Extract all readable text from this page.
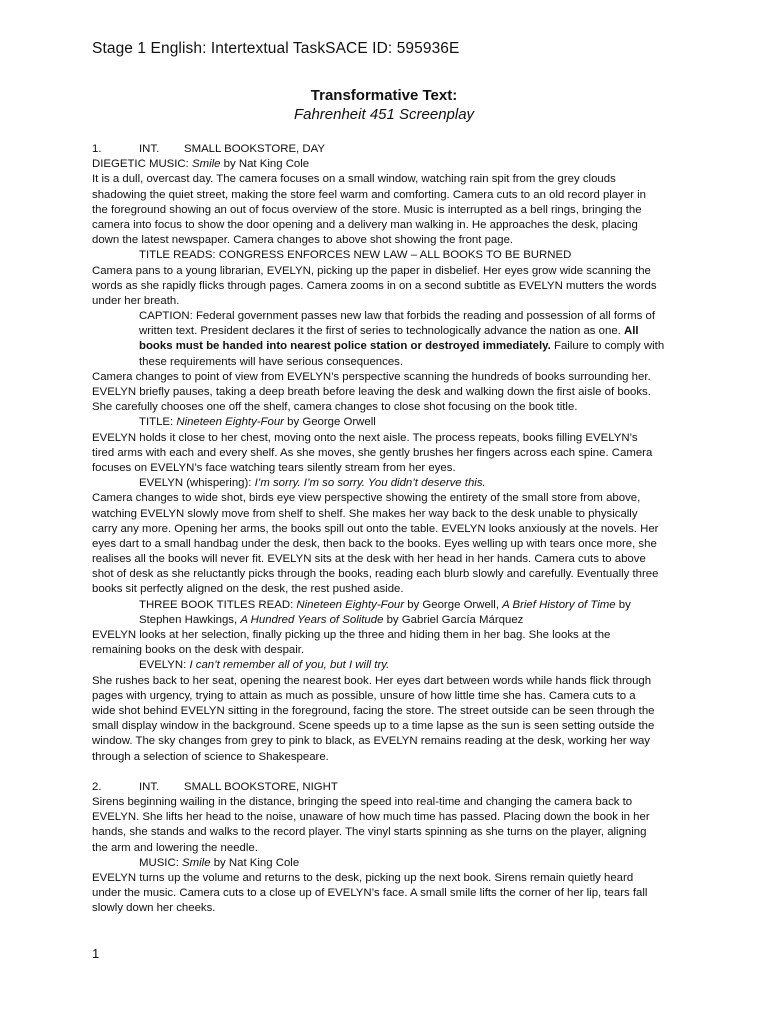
Stage 1 English: Intertextual TaskSACE ID: 595936E
Transformative Text:
Fahrenheit 451 Screenplay
1.	INT. SMALL BOOKSTORE, DAY
DIEGETIC MUSIC: Smile by Nat King Cole
It is a dull, overcast day. The camera focuses on a small window, watching rain spit from the grey clouds
shadowing the quiet street, making the store feel warm and comforting. Camera cuts to an old record player in
the foreground showing an out of focus overview of the store. Music is interrupted as a bell rings, bringing the
camera into focus to show the door opening and a delivery man walking in. He approaches the desk, placing
down the latest newspaper. Camera changes to above shot showing the front page.
TITLE READS: CONGRESS ENFORCES NEW LAW – ALL BOOKS TO BE BURNED
Camera pans to a young librarian, EVELYN, picking up the paper in disbelief. Her eyes grow wide scanning the
words as she rapidly flicks through pages. Camera zooms in on a second subtitle as EVELYN mutters the words
under her breath.
CAPTION: Federal government passes new law that forbids the reading and possession of all forms of
written text. President declares it the first of series to technologically advance the nation as one. All
books must be handed into nearest police station or destroyed immediately. Failure to comply with
these requirements will have serious consequences.
Camera changes to point of view from EVELYN’s perspective scanning the hundreds of books surrounding her.
EVELYN briefly pauses, taking a deep breath before leaving the desk and walking down the first aisle of books.
She carefully chooses one off the shelf, camera changes to close shot focusing on the book title.
TITLE: Nineteen Eighty-Four by George Orwell
EVELYN holds it close to her chest, moving onto the next aisle. The process repeats, books filling EVELYN’s
tired arms with each and every shelf. As she moves, she gently brushes her fingers across each spine. Camera
focuses on EVELYN’s face watching tears silently stream from her eyes.
EVELYN (whispering): I’m sorry. I’m so sorry. You didn’t deserve this.
Camera changes to wide shot, birds eye view perspective showing the entirety of the small store from above,
watching EVELYN slowly move from shelf to shelf. She makes her way back to the desk unable to physically
carry any more. Opening her arms, the books spill out onto the table. EVELYN looks anxiously at the novels. Her
eyes dart to a small handbag under the desk, then back to the books. Eyes welling up with tears once more, she
realises all the books will never fit. EVELYN sits at the desk with her head in her hands. Camera cuts to above
shot of desk as she reluctantly picks through the books, reading each blurb slowly and carefully. Eventually three
books sit perfectly aligned on the desk, the rest pushed aside.
THREE BOOK TITLES READ: Nineteen Eighty-Four by George Orwell, A Brief History of Time by
Stephen Hawkings, A Hundred Years of Solitude by Gabriel García Márquez
EVELYN looks at her selection, finally picking up the three and hiding them in her bag. She looks at the
remaining books on the desk with despair.
EVELYN: I can’t remember all of you, but I will try.
She rushes back to her seat, opening the nearest book. Her eyes dart between words while hands flick through
pages with urgency, trying to attain as much as possible, unsure of how little time she has. Camera cuts to a
wide shot behind EVELYN sitting in the foreground, facing the store. The street outside can be seen through the
small display window in the background. Scene speeds up to a time lapse as the sun is seen setting outside the
window. The sky changes from grey to pink to black, as EVELYN remains reading at the desk, working her way
through a selection of science to Shakespeare.
2.	INT. SMALL BOOKSTORE, NIGHT
Sirens beginning wailing in the distance, bringing the speed into real-time and changing the camera back to
EVELYN. She lifts her head to the noise, unaware of how much time has passed. Placing down the book in her
hands, she stands and walks to the record player. The vinyl starts spinning as she turns on the player, aligning
the arm and lowering the needle.
MUSIC: Smile by Nat King Cole
EVELYN turns up the volume and returns to the desk, picking up the next book. Sirens remain quietly heard
under the music. Camera cuts to a close up of EVELYN’s face. A small smile lifts the corner of her lip, tears fall
slowly down her cheeks.
1
